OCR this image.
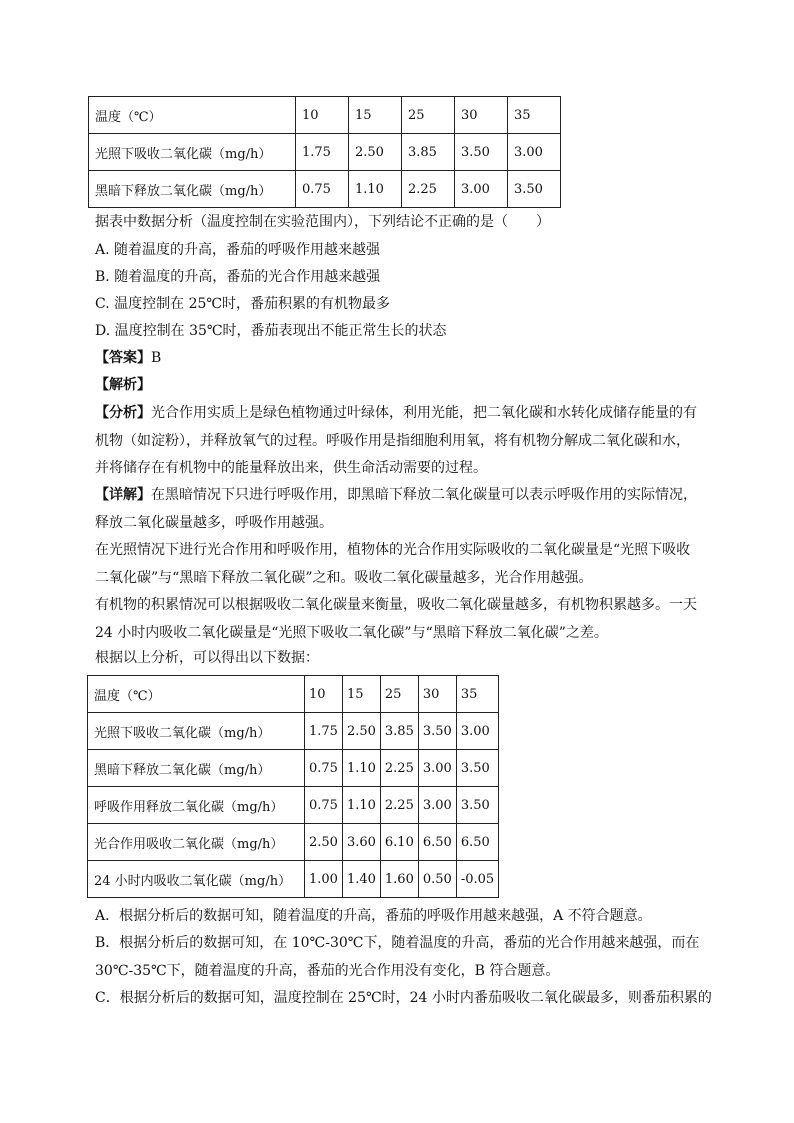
温度（℃）	10	15	25	30	35
光照下吸收二氧化碳（mg/h）	1.75	2.50	3.85	3.50	3.00
黑暗下释放二氧化碳（mg/h）	0.75	1.10	2.25	3.00	3.50
据表中数据分析（温度控制在实验范围内），下列结论不正确的是（　　）
A. 随着温度的升高，番茄的呼吸作用越来越强
B. 随着温度的升高，番茄的光合作用越来越强
C. 温度控制在 25℃时，番茄积累的有机物最多
D. 温度控制在 35℃时，番茄表现出不能正常生长的状态
【答案】B
【解析】
【分析】光合作用实质上是绿色植物通过叶绿体，利用光能，把二氧化碳和水转化成储存能量的有机物（如淀粉），并释放氧气的过程。呼吸作用是指细胞利用氧，将有机物分解成二氧化碳和水，并将储存在有机物中的能量释放出来，供生命活动需要的过程。
【详解】在黑暗情况下只进行呼吸作用，即黑暗下释放二氧化碳量可以表示呼吸作用的实际情况，释放二氧化碳量越多，呼吸作用越强。
在光照情况下进行光合作用和呼吸作用，植物体的光合作用实际吸收的二氧化碳量是“光照下吸收二氧化碳”与“黑暗下释放二氧化碳”之和。吸收二氧化碳量越多，光合作用越强。
有机物的积累情况可以根据吸收二氧化碳量来衡量，吸收二氧化碳量越多，有机物积累越多。一天 24 小时内吸收二氧化碳量是“光照下吸收二氧化碳”与“黑暗下释放二氧化碳”之差。
根据以上分析，可以得出以下数据：
温度（℃）	10	15	25	30	35
光照下吸收二氧化碳（mg/h）	1.75	2.50	3.85	3.50	3.00
黑暗下释放二氧化碳（mg/h）	0.75	1.10	2.25	3.00	3.50
呼吸作用释放二氧化碳（mg/h）	0.75	1.10	2.25	3.00	3.50
光合作用吸收二氧化碳（mg/h）	2.50	3.60	6.10	6.50	6.50
24 小时内吸收二氧化碳（mg/h）	1.00	1.40	1.60	0.50	-0.05
A．根据分析后的数据可知，随着温度的升高，番茄的呼吸作用越来越强，A 不符合题意。
B．根据分析后的数据可知，在 10℃-30℃下，随着温度的升高，番茄的光合作用越来越强，而在 30℃-35℃下，随着温度的升高，番茄的光合作用没有变化，B 符合题意。
C．根据分析后的数据可知，温度控制在 25℃时，24 小时内番茄吸收二氧化碳最多，则番茄积累的
